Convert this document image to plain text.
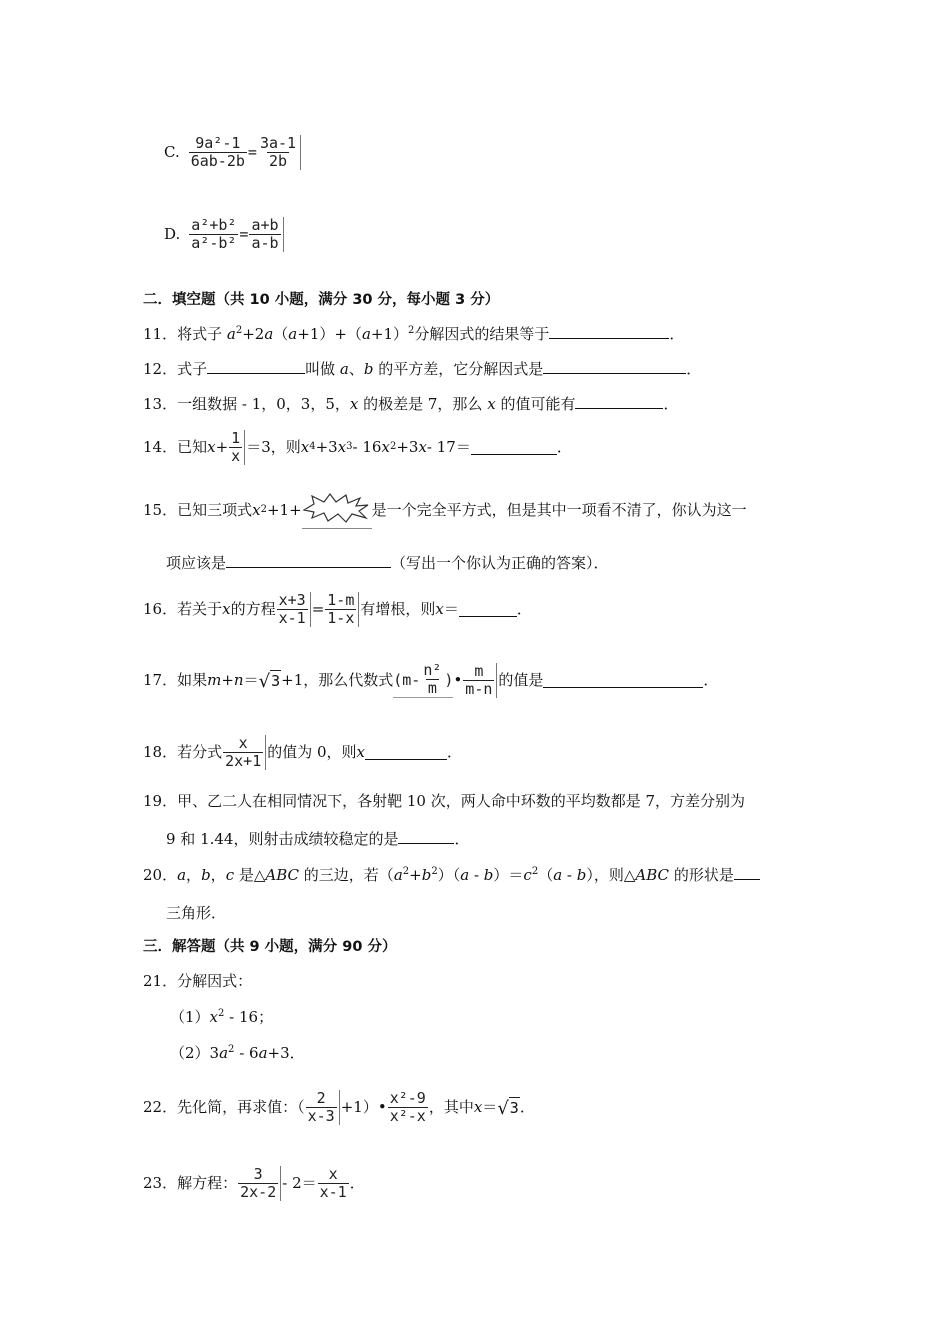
C. $\frac{\text{9a²-1}}{6ab-2b} = \frac{3a-1}{2b}$
D. $\frac{\text{a²+b²}}{\text{a²-b²}} = \frac{a+b}{a-b}$
二．填空题（共 10 小题，满分 30 分，每小题 3 分）
11．将式子 $a^2+2a(a+1)+(a+1)^2$分解因式的结果等于	．
12．式子	叫做 a、b 的平方差，它分解因式是	．
13．一组数据 - 1，0，3，5，x 的极差是 7，那么 x 的值可能有	．
14． 已知 $x + \frac{1}{x} =3$，则 x 4 +3 x 3 - 16 x 2 +3 x - 17＝	．
15． 已知三项式 x 2 +1+	是一个完全平方式，但是其中一项看不清了，你认为这一
项应该是	（写出一个你认为正确的答案）．
16． 若关于 x 的方程 $\frac{x+3}{x-1} = \frac{1-m}{1-x}$ 有增根，则 x ＝	．
17． 如果 m + n ＝ √ 3 +1，那么代数式 ($m- \frac{\text{n²}}{m}$ ) • $\frac{m}{m-n}$ 的值是	．
18． 若分式 $\frac{x}{2x+1}$ 的值为 0，则 x	．
19．甲、乙二人在相同情况下，各射靶 10 次，两人命中环数的平均数都是 7，方差分别为
9 和 1.44，则射击成绩较稳定的是	．
20．a，b，c 是△ABC 的三边，若$(a^2+b^2)(a - b)=c^2(a - b)$，则△ABC 的形状是
三角形．
三．解答题（共 9 小题，满分 90 分）
21．分解因式：
$(1)x^2 - 16$；
$(2)3a^2 - 6a+3$．
22． 先化简，再求值：（ $\frac{2}{x-3} +1$） • $\frac{\text{x²-9}}{\text{x²-x}}$ ，其中 x ＝ √ 3 ．
23． 解方程： $\frac{3}{2x-2} - 2= \frac{x}{x-1}$ ．
